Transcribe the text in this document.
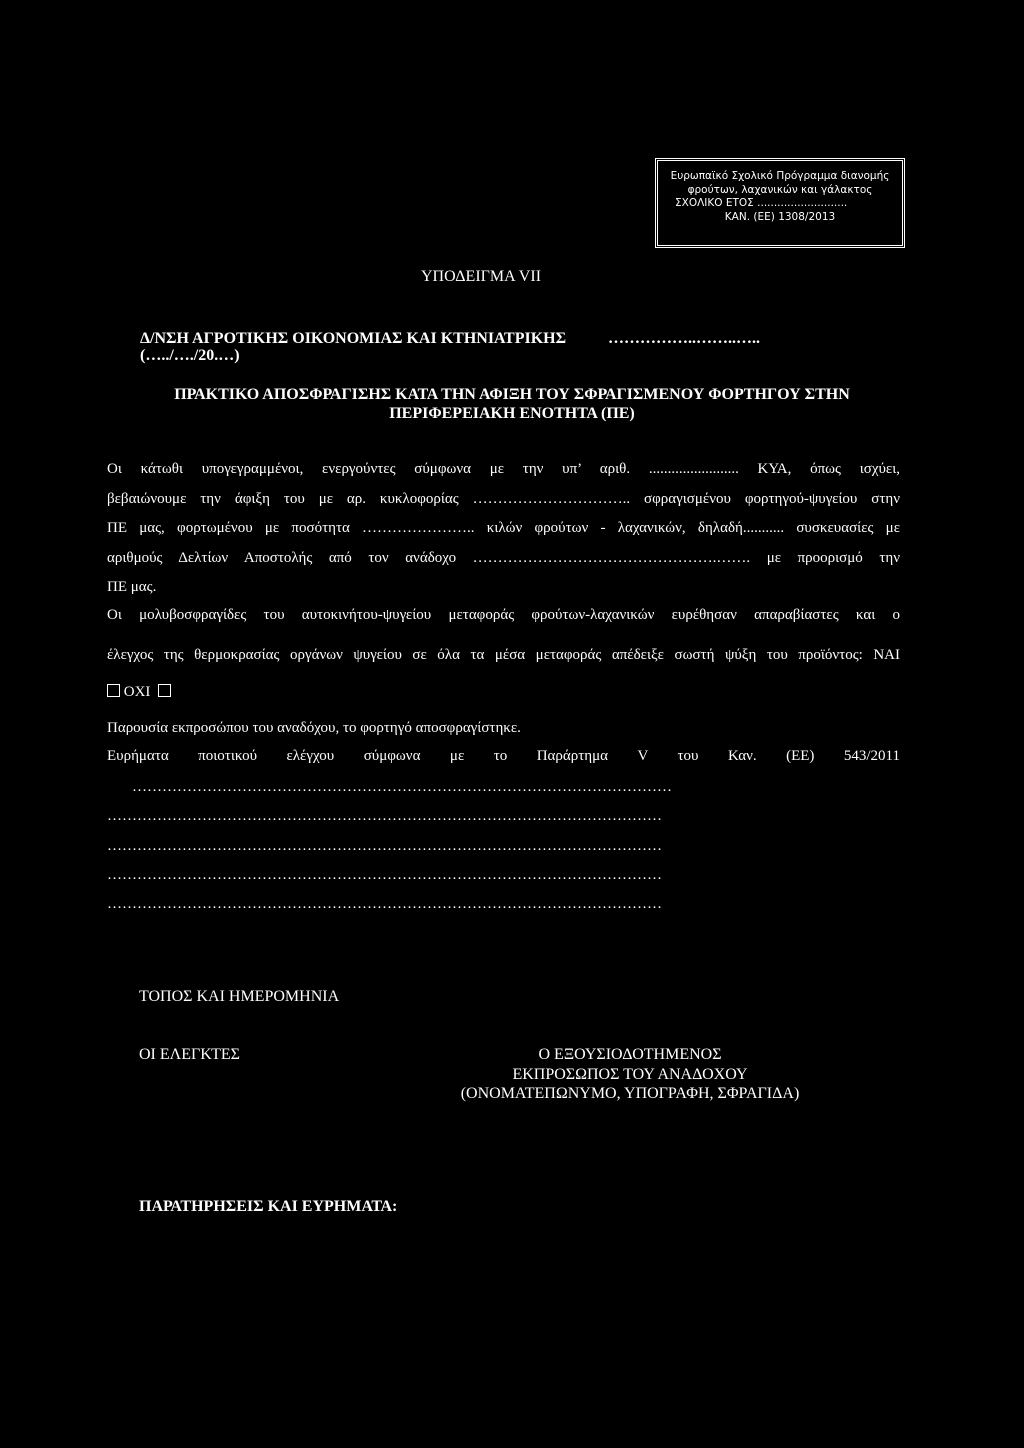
Ευρωπαϊκό Σχολικό Πρόγραμμα διανομής
φρούτων, λαχανικών και γάλακτος
ΣΧΟΛΙΚΟ ΕΤΟΣ ...........................
ΚΑΝ. (ΕΕ) 1308/2013
ΥΠΟΔΕΙΓΜΑ VII
Δ/ΝΣΗ ΑΓΡΟΤΙΚΗΣ ΟΙΚΟΝΟΜΙΑΣ ΚΑΙ ΚΤΗΝΙΑΤΡΙΚΗΣ	……………..……..…..
(…../…./20.…)
ΠΡΑΚΤΙΚΟ ΑΠΟΣΦΡΑΓΙΣΗΣ ΚΑΤΑ ΤΗΝ ΑΦΙΞΗ ΤΟΥ ΣΦΡΑΓΙΣΜΕΝΟΥ ΦΟΡΤΗΓΟΥ ΣΤΗΝ
ΠΕΡΙΦΕΡΕΙΑΚΗ ΕΝΟΤΗΤΑ (ΠΕ)
Οι κάτωθι υπογεγραμμένοι, ενεργούντες σύμφωνα με την υπ’ αριθ. ........................ ΚΥΑ, όπως ισχύει,
βεβαιώνουμε την άφιξη του με αρ. κυκλοφορίας ………………………….. σφραγισμένου φορτηγού-ψυγείου στην
ΠΕ μας, φορτωμένου με ποσότητα ………………….. κιλών φρούτων - λαχανικών, δηλαδή........... συσκευασίες με
αριθμούς Δελτίων Αποστολής από τον ανάδοχο ………………………………………….……. με προορισμό την
ΠΕ μας.
Οι μολυβοσφραγίδες του αυτοκινήτου-ψυγείου μεταφοράς φρούτων-λαχανικών ευρέθησαν απαραβίαστες και ο
έλεγχος της θερμοκρασίας οργάνων ψυγείου σε όλα τα μέσα μεταφοράς απέδειξε σωστή ψύξη του προϊόντος: ΝΑΙ
ΟΧΙ
Παρουσία εκπροσώπου του αναδόχου, το φορτηγό αποσφραγίστηκε.
Ευρήματα ποιοτικού ελέγχου σύμφωνα με το Παράρτημα V του Καν. (ΕΕ) 543/2011
………………………………………………………………………………………………
…………………………………………………………………………………………………
…………………………………………………………………………………………………
…………………………………………………………………………………………………
…………………………………………………………………………………………………
ΤΟΠΟΣ ΚΑΙ ΗΜΕΡΟΜΗΝΙΑ
ΟΙ ΕΛΕΓΚΤΕΣ	Ο ΕΞΟΥΣΙΟΔΟΤΗΜΕΝΟΣ
ΕΚΠΡΟΣΩΠΟΣ ΤΟΥ ΑΝΑΔΟΧΟΥ
(ΟΝΟΜΑΤΕΠΩΝΥΜΟ, ΥΠΟΓΡΑΦΗ, ΣΦΡΑΓΙΔΑ)
ΠΑΡΑΤΗΡΗΣΕΙΣ ΚΑΙ ΕΥΡΗΜΑΤΑ:
